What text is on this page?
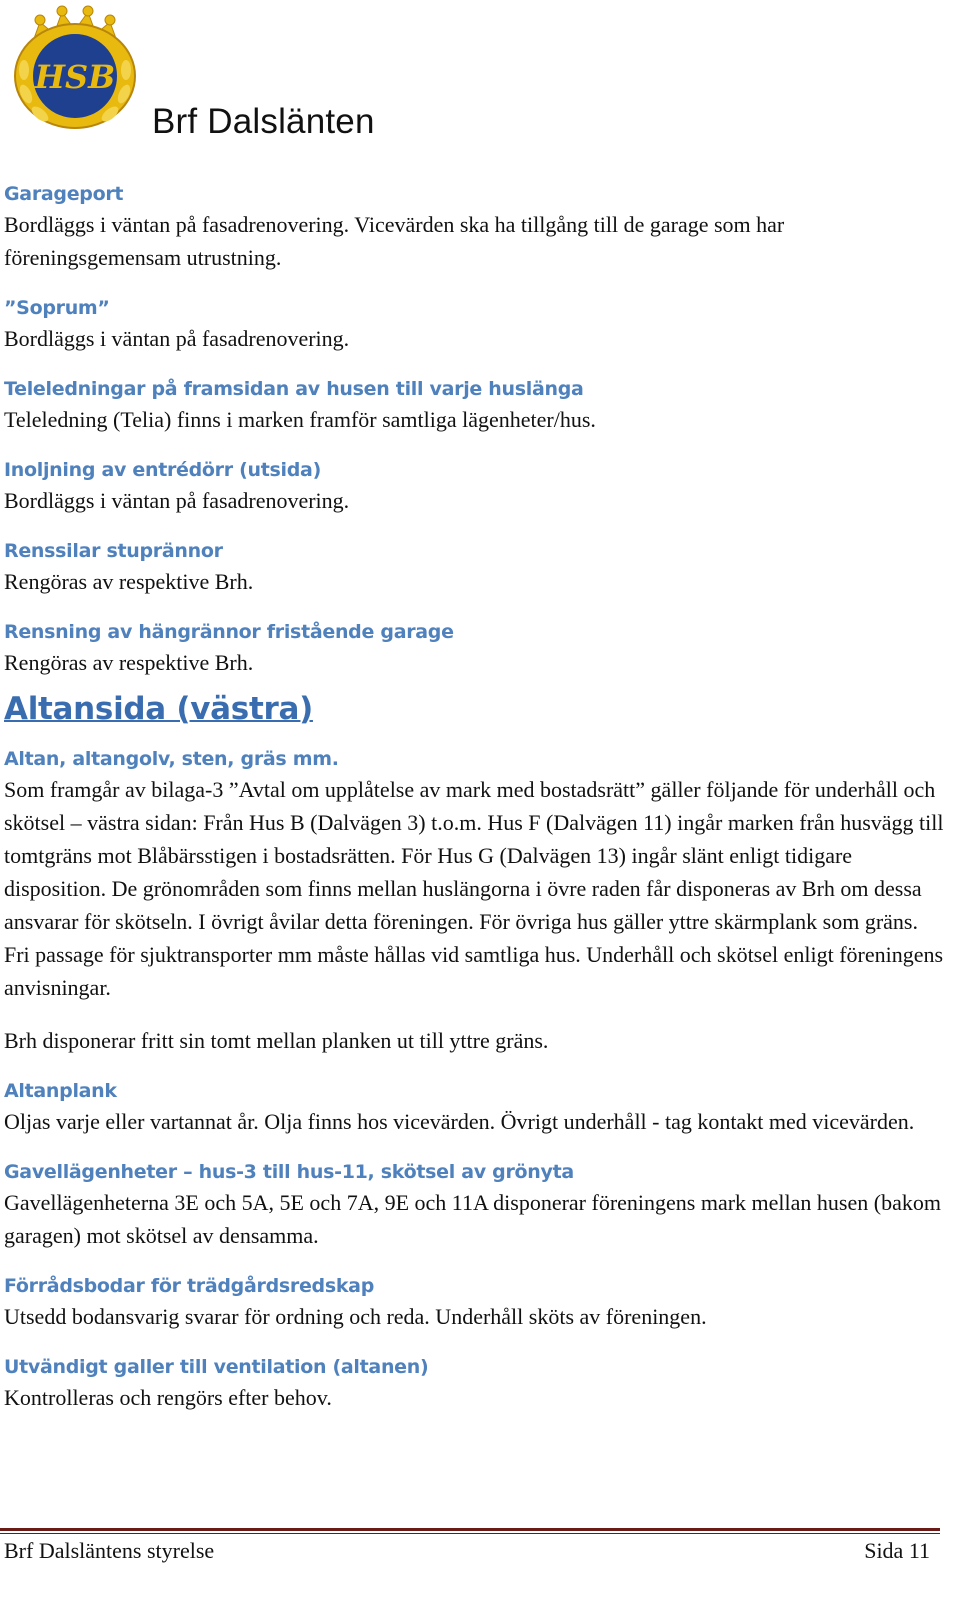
HSB
Brf Dalslänten
Garageport
Bordläggs i väntan på fasadrenovering. Vicevärden ska ha tillgång till de garage som har föreningsgemensam utrustning.
”Soprum”
Bordläggs i väntan på fasadrenovering.
Teleledningar på framsidan av husen till varje huslänga
Teleledning (Telia) finns i marken framför samtliga lägenheter/hus.
Inoljning av entrédörr (utsida)
Bordläggs i väntan på fasadrenovering.
Renssilar stuprännor
Rengöras av respektive Brh.
Rensning av hängrännor fristående garage
Rengöras av respektive Brh.
Altansida (västra)
Altan, altangolv, sten, gräs mm.
Som framgår av bilaga-3 ”Avtal om upplåtelse av mark med bostadsrätt” gäller följande för underhåll och skötsel – västra sidan: Från Hus B (Dalvägen 3) t.o.m. Hus F (Dalvägen 11) ingår marken från husvägg till tomtgräns mot Blåbärsstigen i bostadsrätten. För Hus G (Dalvägen 13) ingår slänt enligt tidigare disposition. De grönområden som finns mellan huslängorna i övre raden får disponeras av Brh om dessa ansvarar för skötseln. I övrigt åvilar detta föreningen. För övriga hus gäller yttre skärmplank som gräns. Fri passage för sjuktransporter mm måste hållas vid samtliga hus. Underhåll och skötsel enligt föreningens anvisningar.
Brh disponerar fritt sin tomt mellan planken ut till yttre gräns.
Altanplank
Oljas varje eller vartannat år. Olja finns hos vicevärden. Övrigt underhåll - tag kontakt med vicevärden.
Gavellägenheter – hus-3 till hus-11, skötsel av grönyta
Gavellägenheterna 3E och 5A, 5E och 7A, 9E och 11A disponerar föreningens mark mellan husen (bakom garagen) mot skötsel av densamma.
Förrådsbodar för trädgårdsredskap
Utsedd bodansvarig svarar för ordning och reda. Underhåll sköts av föreningen.
Utvändigt galler till ventilation (altanen)
Kontrolleras och rengörs efter behov.
Brf Dalsläntens styrelse	Sida 11
